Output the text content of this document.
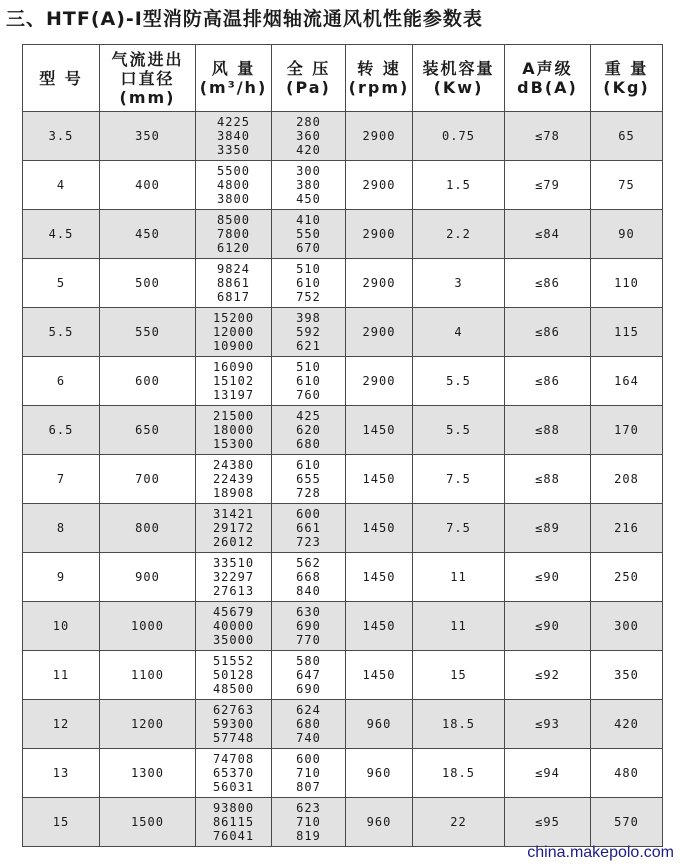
三、HTF(A)-Ⅰ型消防高温排烟轴流通风机性能参数表
型 号	气流进出
口直径
(mm)	风 量
(m³/h)	全 压
(Pa)	转 速
(rpm)	装机容量
(Kw)	A声级
dB(A)	重 量
(Kg)

3.5	350	4225
3840
3350	280
360
420	2900	0.75	≤78	65
4	400	5500
4800
3800	300
380
450	2900	1.5	≤79	75
4.5	450	8500
7800
6120	410
550
670	2900	2.2	≤84	90
5	500	9824
8861
6817	510
610
752	2900	3	≤86	110
5.5	550	15200
12000
10900	398
592
621	2900	4	≤86	115
6	600	16090
15102
13197	510
610
760	2900	5.5	≤86	164
6.5	650	21500
18000
15300	425
620
680	1450	5.5	≤88	170
7	700	24380
22439
18908	610
655
728	1450	7.5	≤88	208
8	800	31421
29172
26012	600
661
723	1450	7.5	≤89	216
9	900	33510
32297
27613	562
668
840	1450	11	≤90	250
10	1000	45679
40000
35000	630
690
770	1450	11	≤90	300
11	1100	51552
50128
48500	580
647
690	1450	15	≤92	350
12	1200	62763
59300
57748	624
680
740	960	18.5	≤93	420
13	1300	74708
65370
56031	600
710
807	960	18.5	≤94	480
15	1500	93800
86115
76041	623
710
819	960	22	≤95	570
china.makepolo.com
